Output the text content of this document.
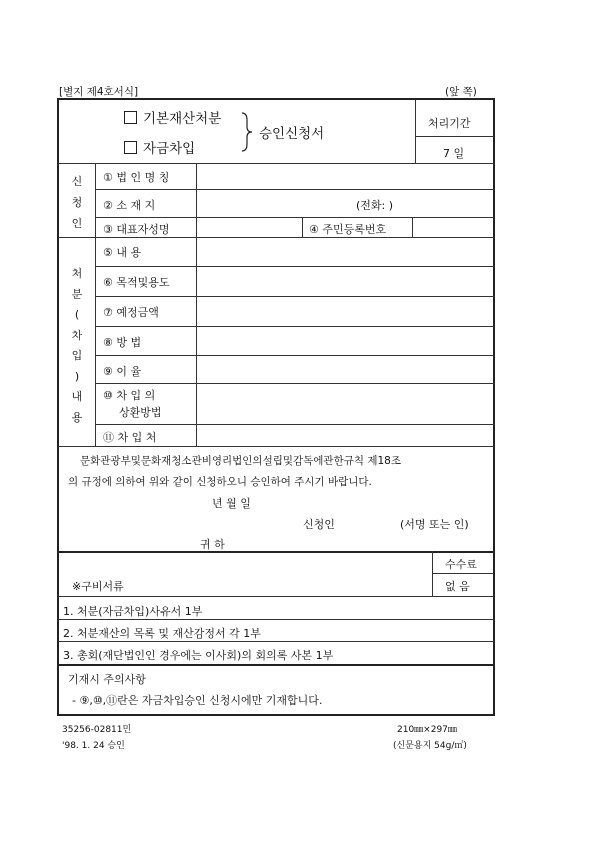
[별지 제4호서식]	(앞 쪽)
기본재산처분
자금차입
승인신청서
처리기간
7 일
신
청
인
① 법 인 명 칭
② 소 재 지	(전화: )
③ 대표자성명	④ 주민등록번호
처
분
(
차
입
)
내
용
⑤ 내 용
⑥ 목적및용도
⑦ 예정금액
⑧ 방 법
⑨ 이 율
⑩ 차 입 의
상환방법
⑪ 차 입 처
문화관광부및문화재청소관비영리법인의설립및감독에관한규칙 제18조
의 규정에 의하여 위와 같이 신청하오니 승인하여 주시기 바랍니다.
년 월 일
신청인	(서명 또는 인)
귀 하
수수료
없 음
※구비서류
1. 처분(자금차입)사유서 1부
2. 처분재산의 목록 및 재산감정서 각 1부
3. 총회(재단법인인 경우에는 이사회)의 회의록 사본 1부
기재시 주의사항
- ⑨,⑩,⑪란은 자금차입승인 신청시에만 기재합니다.
35256-02811민
'98. 1. 24 승인
210㎜×297㎜
(신문용지 54g/㎡)
